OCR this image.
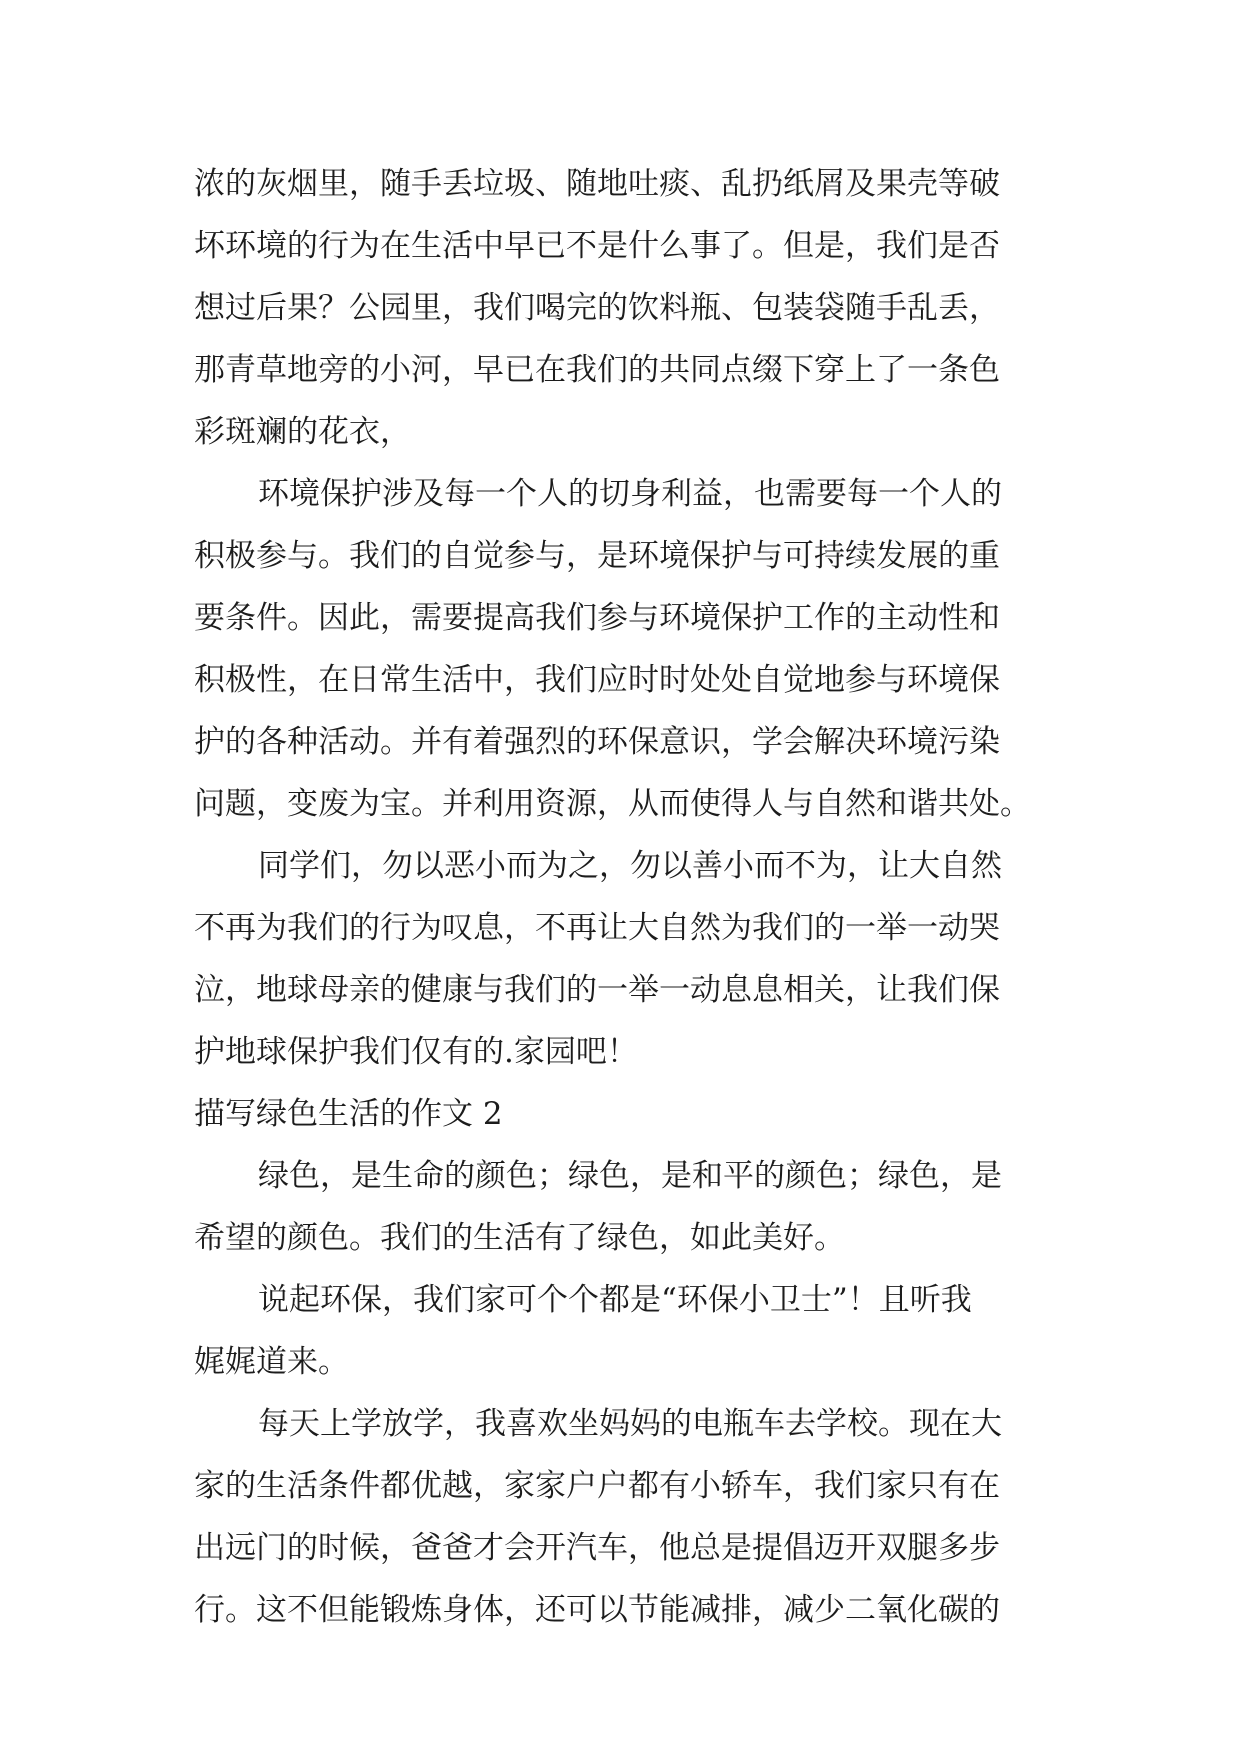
浓的灰烟里，随手丢垃圾、随地吐痰、乱扔纸屑及果壳等破
坏环境的行为在生活中早已不是什么事了。但是，我们是否
想过后果？公园里，我们喝完的饮料瓶、包装袋随手乱丢，
那青草地旁的小河，早已在我们的共同点缀下穿上了一条色
彩斑斓的花衣，
环境保护涉及每一个人的切身利益，也需要每一个人的
积极参与。我们的自觉参与，是环境保护与可持续发展的重
要条件。因此，需要提高我们参与环境保护工作的主动性和
积极性，在日常生活中，我们应时时处处自觉地参与环境保
护的各种活动。并有着强烈的环保意识，学会解决环境污染
问题，变废为宝。并利用资源，从而使得人与自然和谐共处。
同学们，勿以恶小而为之，勿以善小而不为，让大自然
不再为我们的行为叹息，不再让大自然为我们的一举一动哭
泣，地球母亲的健康与我们的一举一动息息相关，让我们保
护地球保护我们仅有的.家园吧！
描写绿色生活的作文 2
绿色，是生命的颜色；绿色，是和平的颜色；绿色，是
希望的颜色。我们的生活有了绿色，如此美好。
说起环保，我们家可个个都是“环保小卫士”！且听我
娓娓道来。
每天上学放学，我喜欢坐妈妈的电瓶车去学校。现在大
家的生活条件都优越，家家户户都有小轿车，我们家只有在
出远门的时候，爸爸才会开汽车，他总是提倡迈开双腿多步
行。这不但能锻炼身体，还可以节能减排，减少二氧化碳的
